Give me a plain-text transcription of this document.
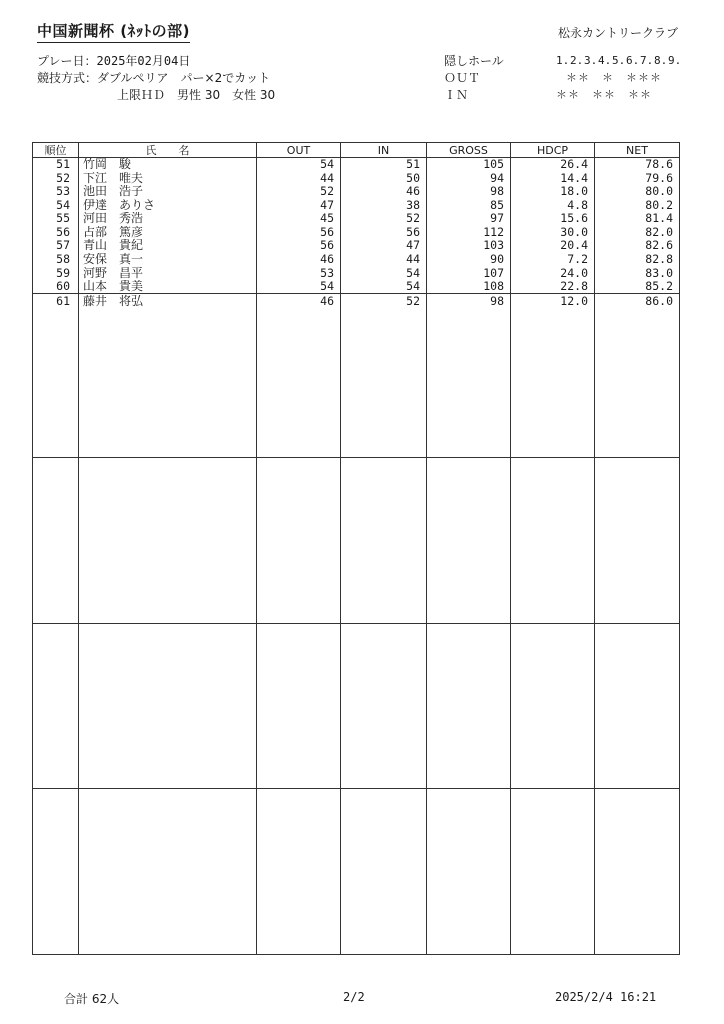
中国新聞杯 (ﾈｯﾄの部)	松永カントリークラブ
プレー日：2025年02月04日
競技方式：ダブルペリア　パー×2でカット
上限ＨＤ　男性 30　女性 30
隠しホール
ＯＵＴ
ＩＮ
1. 2. 3. 4. 5. 6. 7. 8. 9.
＊＊　＊　＊＊＊
＊＊　＊＊　＊＊
順位	氏　　名	OUT	IN	GROSS	HDCP	NET
51	竹岡　駿	54	51	105	26.4	78.6
52	下江　唯夫	44	50	94	14.4	79.6
53	池田　浩子	52	46	98	18.0	80.0
54	伊達　ありさ	47	38	85	4.8	80.2
55	河田　秀浩	45	52	97	15.6	81.4
56	占部　篤彦	56	56	112	30.0	82.0
57	青山　貴紀	56	47	103	20.4	82.6
58	安保　真一	46	44	90	7.2	82.8
59	河野　昌平	53	54	107	24.0	83.0
60	山本　貴美	54	54	108	22.8	85.2
61	藤井　将弘	46	52	98	12.0	86.0

合計 62人	2/2	2025/2/4 16:21
